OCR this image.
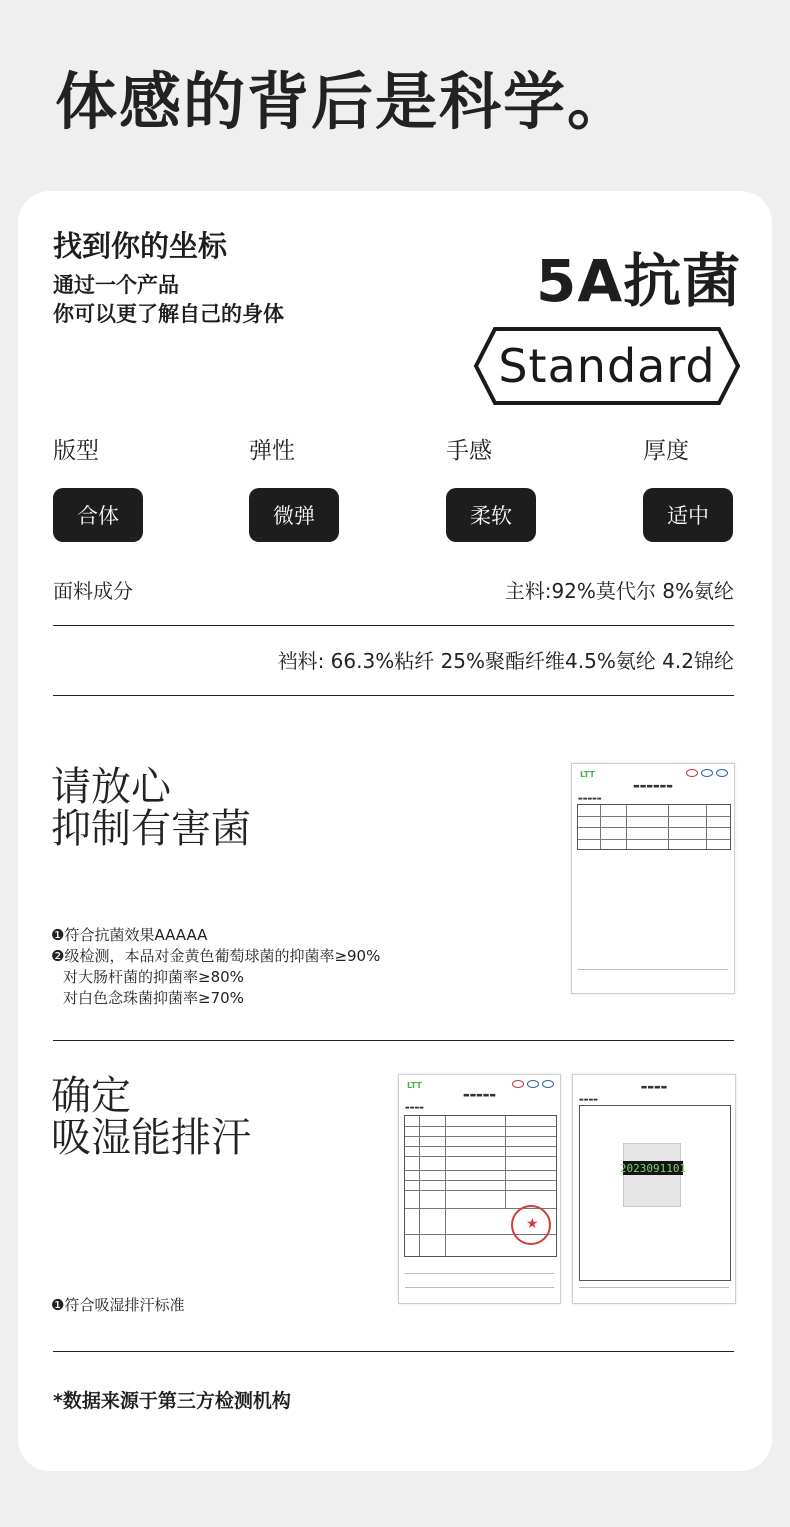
体感的背后是科学。
找到你的坐标
通过一个产品
你可以更了解自己的身体	5A抗菌
Standard
版型
合体
弹性
微弹
手感
柔软
厚度
适中
面料成分	主料:92%莫代尔 8%氨纶
裆料: 66.3%粘纤 25%聚酯纤维4.5%氨纶 4.2锦纶
请放心
抑制有害菌
❶符合抗菌效果AAAAA
❷级检测，本品对金黄色葡萄球菌的抑菌率≥90%
对大肠杆菌的抑菌率≥80%
对白色念珠菌抑菌率≥70%
LTT
▬▬▬▬▬▬
▬▬▬▬▬
确定
吸湿能排汗
❶符合吸湿排汗标准
LTT
▬▬▬▬▬
▬▬▬▬
★
▬▬▬▬
▬▬▬▬
2023091101
*数据来源于第三方检测机构
